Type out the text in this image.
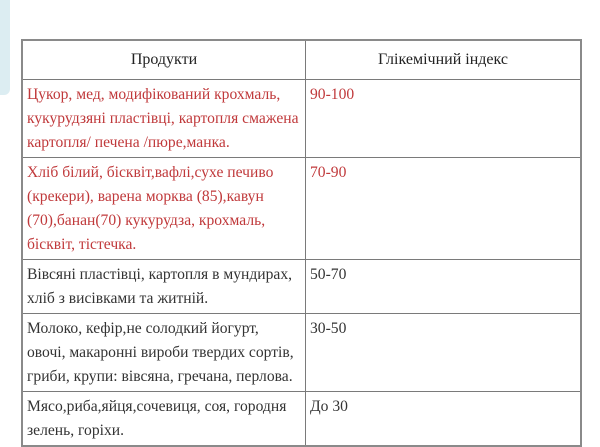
Продукти	Глікемічний індекс
Цукор, мед, модифікований крохмаль, кукурудзяні пластівці, картопля смажена картопля/ печена /пюре,манка.	90-100
Хліб білий, бісквіт,вафлі,сухе печиво (крекери), варена морква (85),кавун (70),банан(70) кукурудза, крохмаль, бісквіт, тістечка.	70-90
Вівсяні пластівці, картопля в мундирах, хліб з висівками та житній.	50-70
Молоко, кефір,не солодкий йогурт, овочі, макаронні вироби твердих сортів, гриби, крупи: вівсяна, гречана, перлова.	30-50
Мясо,риба,яйця,сочевиця, соя, городня зелень, горіхи.	До 30
